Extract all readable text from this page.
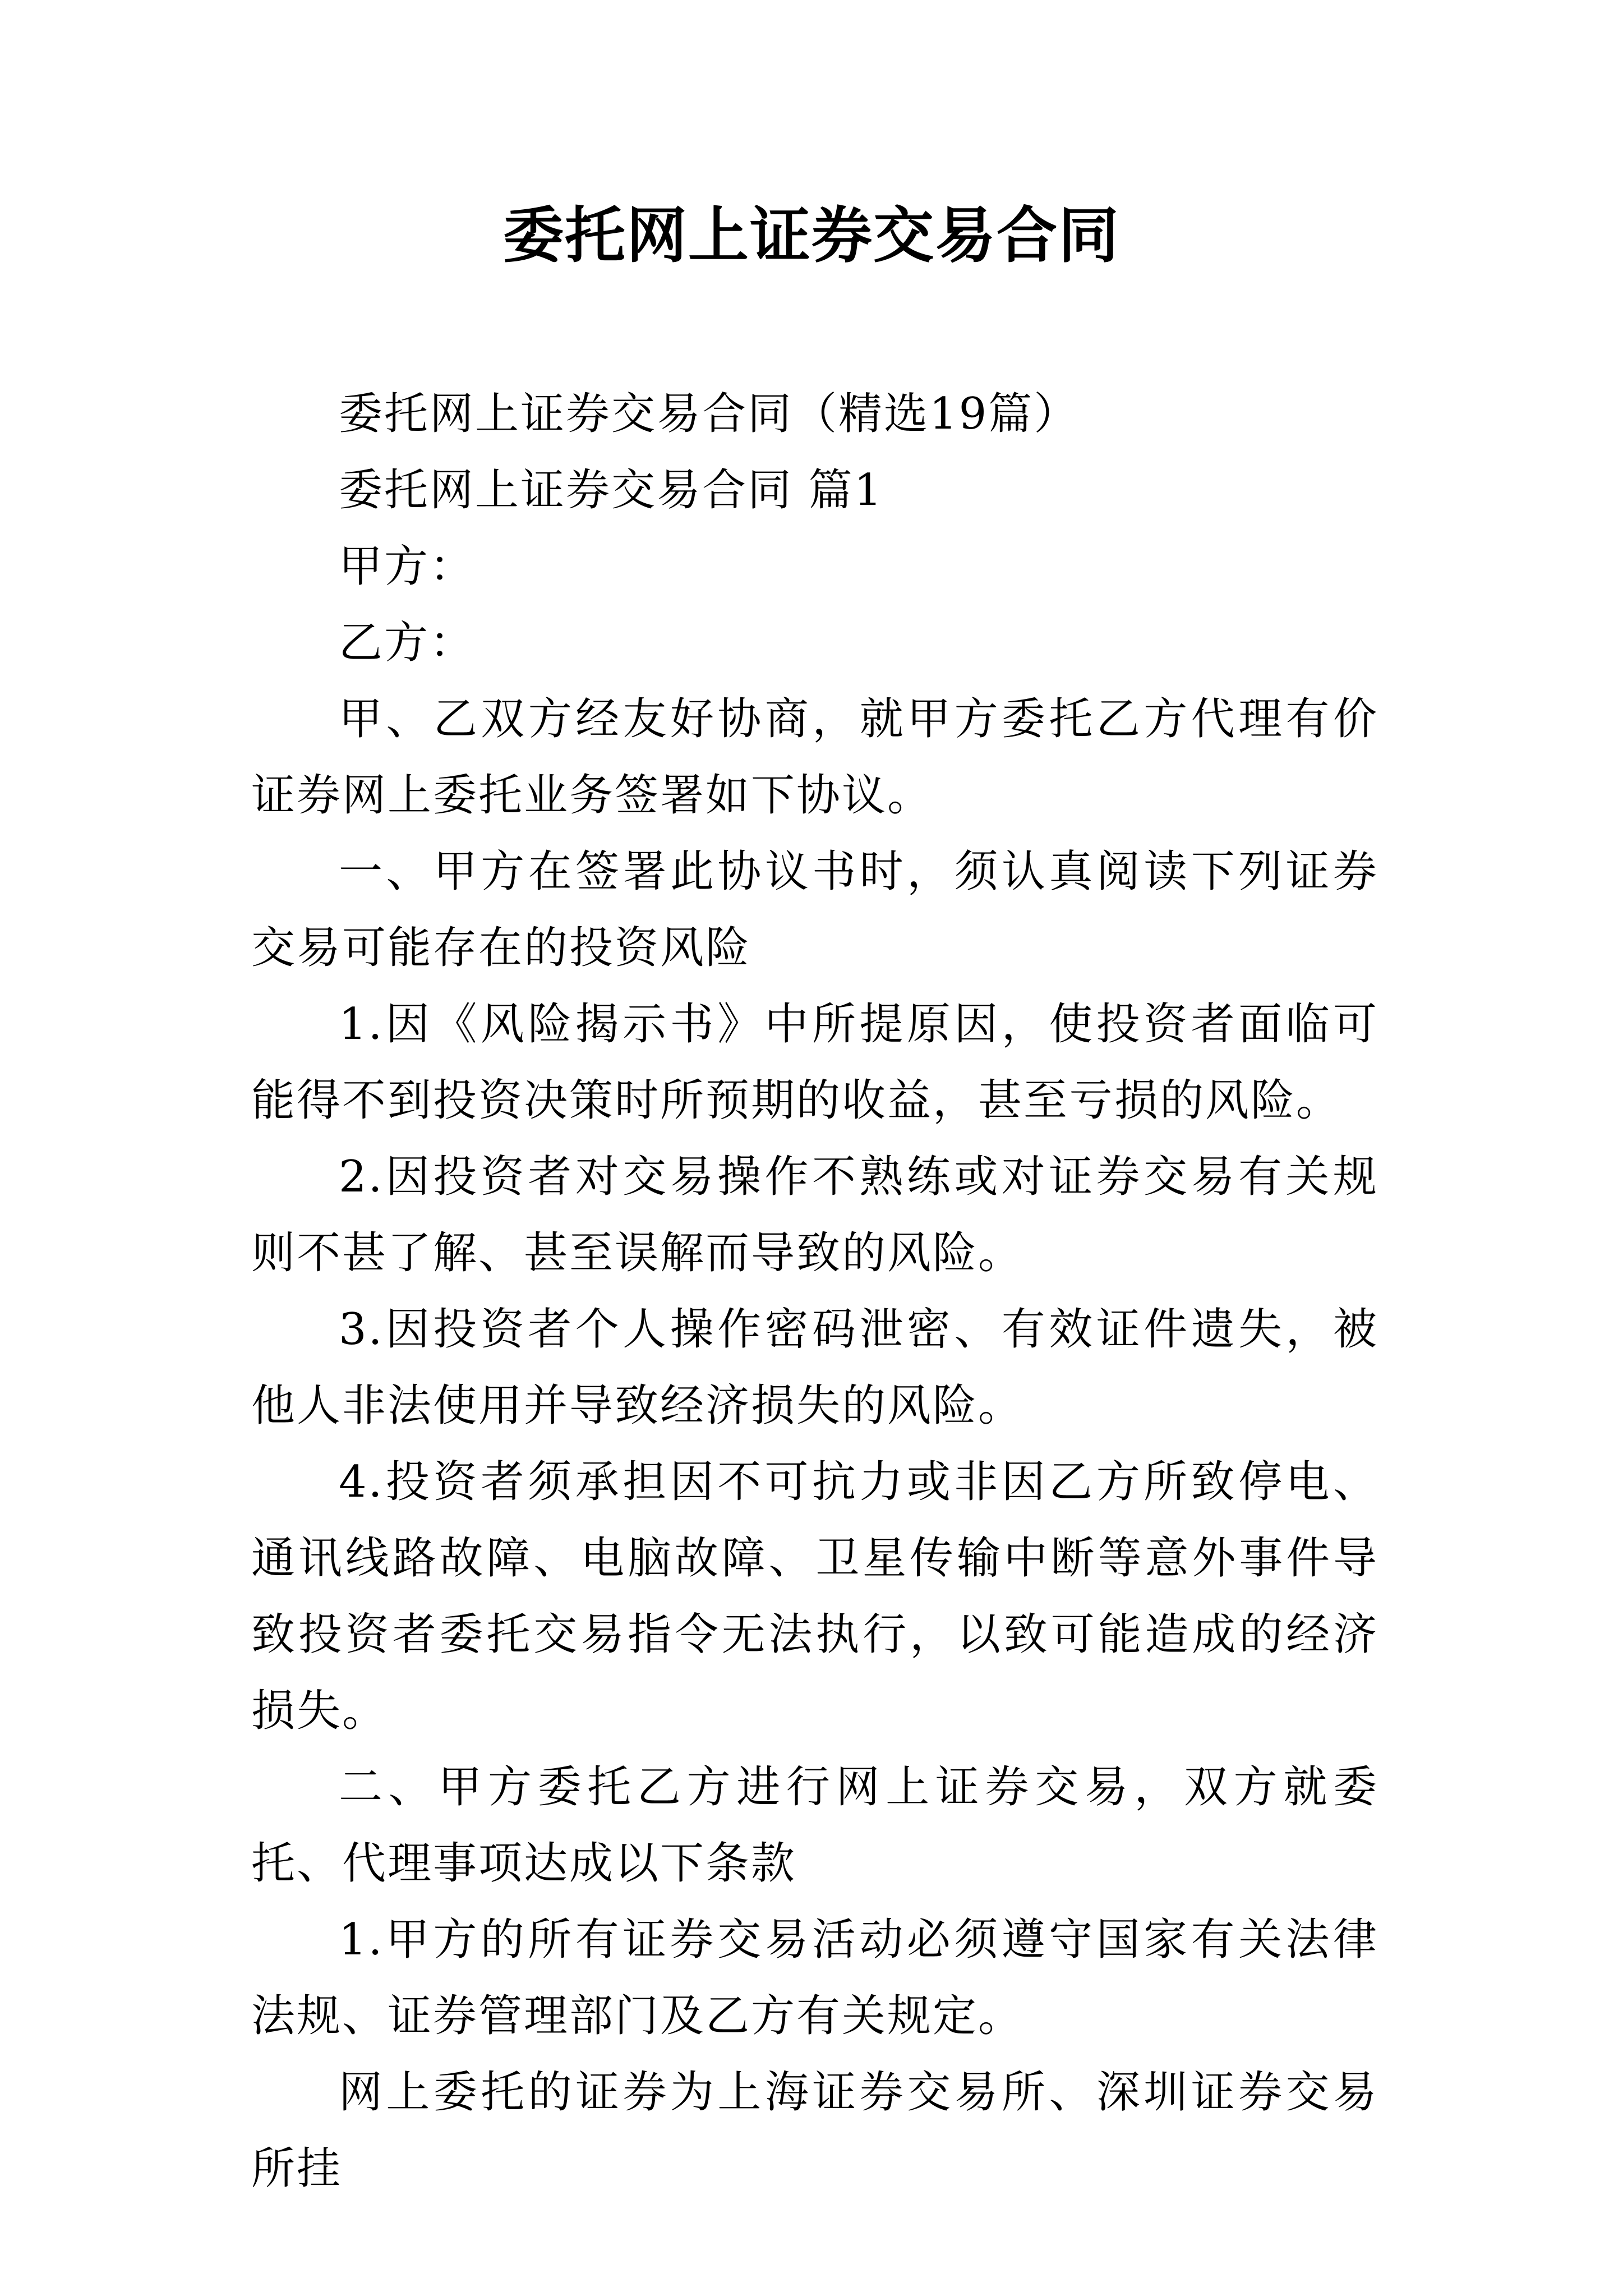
委托网上证券交易合同

委托网上证券交易合同（精选19篇）

委托网上证券交易合同 篇1

甲方：

乙方：

甲、乙双方经友好协商，就甲方委托乙方代理有价证券网上委托业务签署如下协议。

一、甲方在签署此协议书时，须认真阅读下列证券交易可能存在的投资风险

1.因《风险揭示书》中所提原因，使投资者面临可能得不到投资决策时所预期的收益，甚至亏损的风险。

2.因投资者对交易操作不熟练或对证券交易有关规则不甚了解、甚至误解而导致的风险。

3.因投资者个人操作密码泄密、有效证件遗失，被他人非法使用并导致经济损失的风险。

4.投资者须承担因不可抗力或非因乙方所致停电、通讯线路故障、电脑故障、卫星传输中断等意外事件导致投资者委托交易指令无法执行，以致可能造成的经济损失。

二、甲方委托乙方进行网上证券交易，双方就委托、代理事项达成以下条款

1.甲方的所有证券交易活动必须遵守国家有关法律法规、证券管理部门及乙方有关规定。

网上委托的证券为上海证券交易所、深圳证券交易所挂
